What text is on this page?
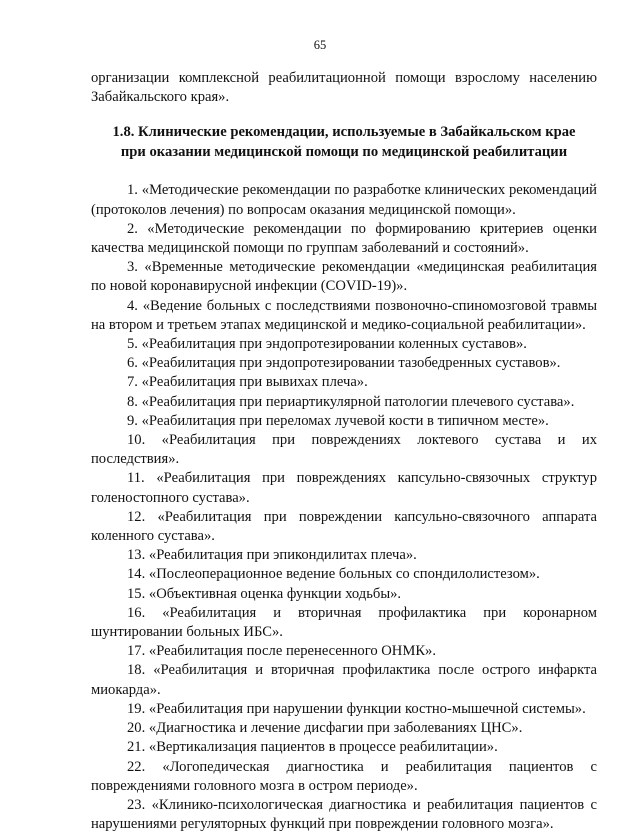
65

организации комплексной реабилитационной помощи взрослому населению Забайкальского края».

1.8. Клинические рекомендации, используемые в Забайкальском крае
при оказании медицинской помощи по медицинской реабилитации

1. «Методические рекомендации по разработке клинических рекомендаций (протоколов лечения) по вопросам оказания медицинской помощи».

2. «Методические рекомендации по формированию критериев оценки качества медицинской помощи по группам заболеваний и состояний».

3. «Временные методические рекомендации «медицинская реабилитация по новой коронавирусной инфекции (COVID-19)».

4. «Ведение больных с последствиями позвоночно-спиномозговой травмы на втором и третьем этапах медицинской и медико-социальной реабилитации».

5. «Реабилитация при эндопротезировании коленных суставов».

6. «Реабилитация при эндопротезировании тазобедренных суставов».

7. «Реабилитация при вывихах плеча».

8. «Реабилитация при периартикулярной патологии плечевого сустава».

9. «Реабилитация при переломах лучевой кости в типичном месте».

10. «Реабилитация при повреждениях локтевого сустава и их последствия».

11. «Реабилитация при повреждениях капсульно-связочных структур голеностопного сустава».

12. «Реабилитация при повреждении капсульно-связочного аппарата коленного сустава».

13. «Реабилитация при эпикондилитах плеча».

14. «Послеоперационное ведение больных со спондилолистезом».

15. «Объективная оценка функции ходьбы».

16. «Реабилитация и вторичная профилактика при коронарном шунтировании больных ИБС».

17. «Реабилитация после перенесенного ОНМК».

18. «Реабилитация и вторичная профилактика после острого инфаркта миокарда».

19. «Реабилитация при нарушении функции костно-мышечной системы».

20. «Диагностика и лечение дисфагии при заболеваниях ЦНС».

21. «Вертикализация пациентов в процессе реабилитации».

22. «Логопедическая диагностика и реабилитация пациентов с повреждениями головного мозга в остром периоде».

23. «Клинико-психологическая диагностика и реабилитация пациентов с нарушениями регуляторных функций при повреждении головного мозга».
